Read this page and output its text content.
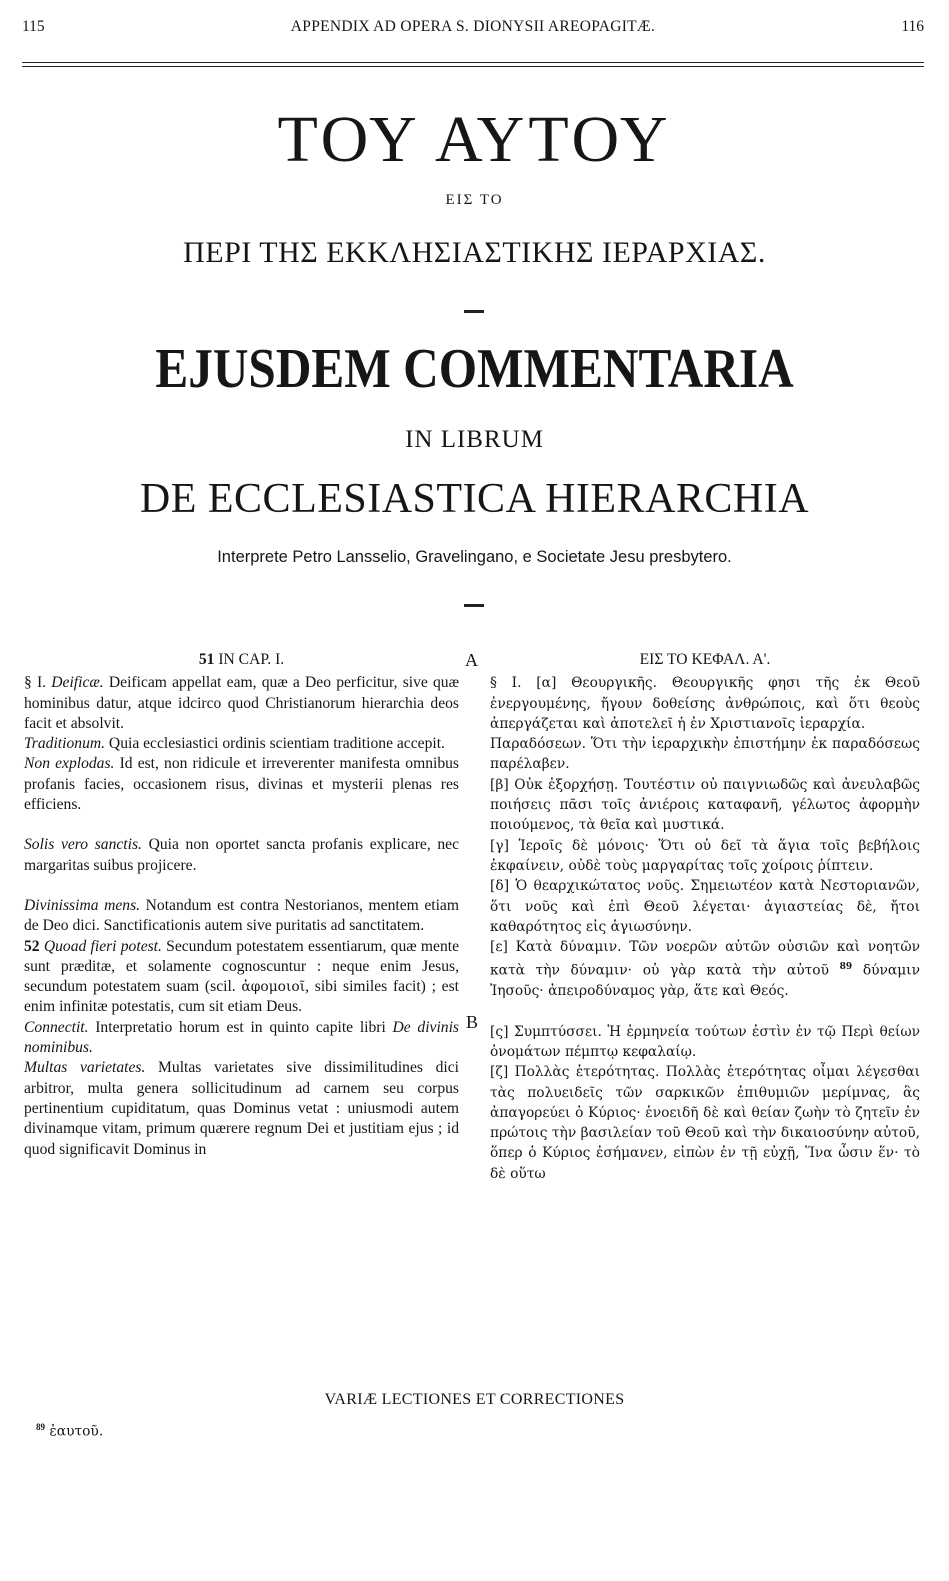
115	APPENDIX AD OPERA S. DIONYSII AREOPAGITÆ.	116
ΤΟΥ ΑΥΤΟΥ
ΕΙΣ ΤΟ
ΠΕΡΙ ΤΗΣ ΕΚΚΛΗΣΙΑΣΤΙΚΗΣ ΙΕΡΑΡΧΙΑΣ.
EJUSDEM COMMENTARIA
IN LIBRUM
DE ECCLESIASTICA HIERARCHIA
Interprete Petro Lansselio, Gravelingano, e Societate Jesu presbytero.
A
B

51 IN CAP. I.

§ I. Deificæ. Deificam appellat eam, quæ a Deo perficitur, sive quæ hominibus datur, atque idcirco quod Christianorum hierarchia deos facit et absolvit.

Traditionum. Quia ecclesiastici ordinis scientiam traditione accepit.

Non explodas. Id est, non ridicule et irreverenter manifesta omnibus profanis facies, occasionem risus, divinas et mysterii plenas res efficiens.

Solis vero sanctis. Quia non oportet sancta profanis explicare, nec margaritas suibus projicere.

Divinissima mens. Notandum est contra Nestorianos, mentem etiam de Deo dici. Sanctificationis autem sive puritatis ad sanctitatem.

52 Quoad fieri potest. Secundum potestatem essentiarum, quæ mente sunt præditæ, et solamente cognoscuntur : neque enim Jesus, secundum potestatem suam (scil. ἀφομοιοῖ, sibi similes facit) ; est enim infinitæ potestatis, cum sit etiam Deus.

Connectit. Interpretatio horum est in quinto capite libri De divinis nominibus.

Multas varietates. Multas varietates sive dissimilitudines dici arbitror, multa genera sollicitudinum ad carnem seu corpus pertinentium cupiditatum, quas Dominus vetat : uniusmodi autem divinamque vitam, primum quærere regnum Dei et justitiam ejus ; id quod significavit Dominus in

ΕΙΣ ΤΟ ΚΕΦΑΛ. Α'.

§ Ι. [α] Θεουργικῆς. Θεουργικῆς φησι τῆς ἐκ Θεοῦ ἐνεργουμένης, ἤγουν δοθείσης ἀνθρώποις, καὶ ὅτι θεοὺς ἀπεργάζεται καὶ ἀποτελεῖ ἡ ἐν Χριστιανοῖς ἱεραρχία.

Παραδόσεων. Ὅτι τὴν ἱεραρχικὴν ἐπιστήμην ἐκ παραδόσεως παρέλαβεν.

[β] Οὐκ ἐξορχήσῃ. Τουτέστιν οὐ παιγνιωδῶς καὶ ἀνευλαβῶς ποιήσεις πᾶσι τοῖς ἀνιέροις καταφανῆ, γέλωτος ἀφορμὴν ποιούμενος, τὰ θεῖα καὶ μυστικά.

[γ] Ἱεροῖς δὲ μόνοις· Ὅτι οὐ δεῖ τὰ ἅγια τοῖς βεβήλοις ἐκφαίνειν, οὐδὲ τοὺς μαργαρίτας τοῖς χοίροις ῥίπτειν.

[δ] Ὁ θεαρχικώτατος νοῦς. Σημειωτέον κατὰ Νεστοριανῶν, ὅτι νοῦς καὶ ἐπὶ Θεοῦ λέγεται· ἁγιαστείας δὲ, ἤτοι καθαρότητος εἰς ἁγιωσύνην.

[ε] Κατὰ δύναμιν. Τῶν νοερῶν αὐτῶν οὐσιῶν καὶ νοητῶν κατὰ τὴν δύναμιν· οὐ γὰρ κατὰ τὴν αὐτοῦ $^{89}$ δύναμιν Ἰησοῦς· ἀπειροδύναμος γὰρ, ἅτε καὶ Θεός.

[ς] Συμπτύσσει. Ἡ ἑρμηνεία τούτων ἐστὶν ἐν τῷ Περὶ θείων ὀνομάτων πέμπτῳ κεφαλαίῳ.

[ζ] Πολλὰς ἑτερότητας. Πολλὰς ἑτερότητας οἶμαι λέγεσθαι τὰς πολυειδεῖς τῶν σαρκικῶν ἐπιθυμιῶν μερίμνας, ἃς ἀπαγορεύει ὁ Κύριος· ἑνοειδῆ δὲ καὶ θείαν ζωὴν τὸ ζητεῖν ἐν πρώτοις τὴν βασιλείαν τοῦ Θεοῦ καὶ τὴν δικαιοσύνην αὐτοῦ, ὅπερ ὁ Κύριος ἐσήμανεν, εἰπὼν ἐν τῇ εὐχῇ, Ἵνα ὦσιν ἕν· τὸ δὲ οὕτω

VARIÆ LECTIONES ET CORRECTIONES
$^{89}$ ἑαυτοῦ.
